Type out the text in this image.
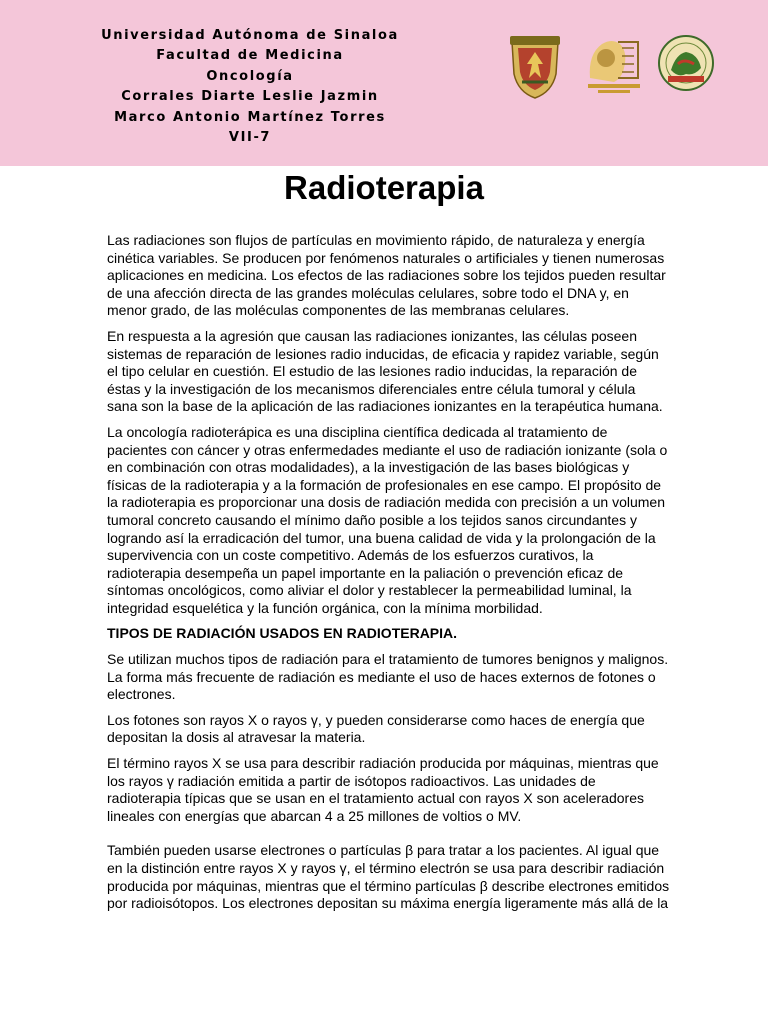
Universidad Autónoma de Sinaloa
Facultad de Medicina
Oncología
Corrales Diarte Leslie Jazmin
Marco Antonio Martínez Torres
VII-7
Radioterapia

Las radiaciones son flujos de partículas en movimiento rápido, de naturaleza y energía
cinética variables. Se producen por fenómenos naturales o artificiales y tienen numerosas
aplicaciones en medicina. Los efectos de las radiaciones sobre los tejidos pueden resultar
de una afección directa de las grandes moléculas celulares, sobre todo el DNA y, en
menor grado, de las moléculas componentes de las membranas celulares.

En respuesta a la agresión que causan las radiaciones ionizantes, las células poseen
sistemas de reparación de lesiones radio inducidas, de eficacia y rapidez variable, según
el tipo celular en cuestión. El estudio de las lesiones radio inducidas, la reparación de
éstas y la investigación de los mecanismos diferenciales entre célula tumoral y célula
sana son la base de la aplicación de las radiaciones ionizantes en la terapéutica humana.

La oncología radioterápica es una disciplina científica dedicada al tratamiento de
pacientes con cáncer y otras enfermedades mediante el uso de radiación ionizante (sola o
en combinación con otras modalidades), a la investigación de las bases biológicas y
físicas de la radioterapia y a la formación de profesionales en ese campo. El propósito de
la radioterapia es proporcionar una dosis de radiación medida con precisión a un volumen
tumoral concreto causando el mínimo daño posible a los tejidos sanos circundantes y
logrando así la erradicación del tumor, una buena calidad de vida y la prolongación de la
supervivencia con un coste competitivo. Además de los esfuerzos curativos, la
radioterapia desempeña un papel importante en la paliación o prevención eficaz de
síntomas oncológicos, como aliviar el dolor y restablecer la permeabilidad luminal, la
integridad esquelética y la función orgánica, con la mínima morbilidad.

TIPOS DE RADIACIÓN USADOS EN RADIOTERAPIA.

Se utilizan muchos tipos de radiación para el tratamiento de tumores benignos y malignos.
La forma más frecuente de radiación es mediante el uso de haces externos de fotones o
electrones.

Los fotones son rayos X o rayos γ, y pueden considerarse como haces de energía que
depositan la dosis al atravesar la materia.

El término rayos X se usa para describir radiación producida por máquinas, mientras que
los rayos γ radiación emitida a partir de isótopos radioactivos. Las unidades de
radioterapia típicas que se usan en el tratamiento actual con rayos X son aceleradores
lineales con energías que abarcan 4 a 25 millones de voltios o MV.

También pueden usarse electrones o partículas β para tratar a los pacientes. Al igual que
en la distinción entre rayos X y rayos γ, el término electrón se usa para describir radiación
producida por máquinas, mientras que el término partículas β describe electrones emitidos
por radioisótopos. Los electrones depositan su máxima energía ligeramente más allá de la
